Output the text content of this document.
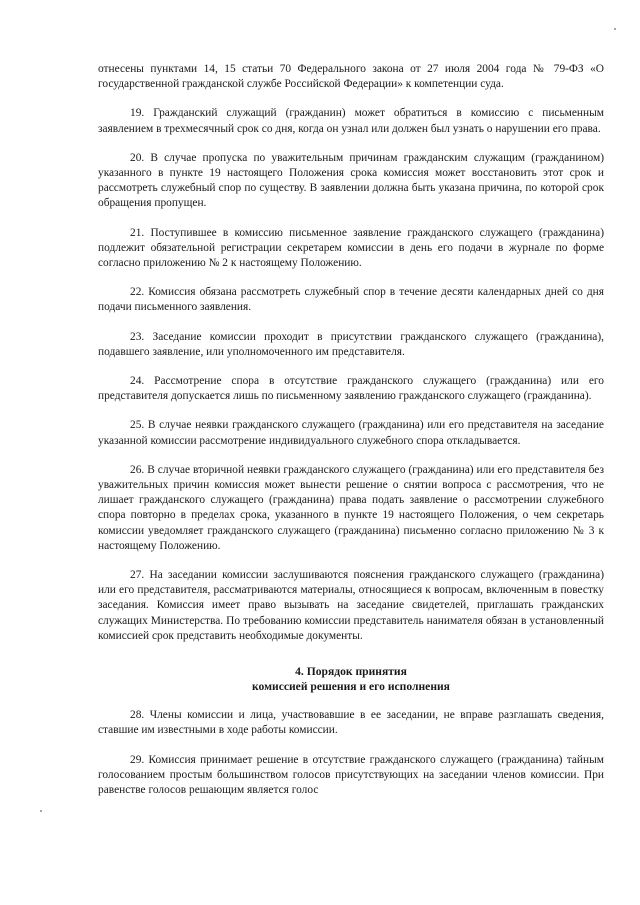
отнесены пунктами 14, 15 статьи 70 Федерального закона от 27 июля 2004 года № 79-ФЗ «О государственной гражданской службе Российской Федерации» к компетенции суда.

19. Гражданский служащий (гражданин) может обратиться в комиссию с письменным заявлением в трехмесячный срок со дня, когда он узнал или должен был узнать о нарушении его права.

20. В случае пропуска по уважительным причинам гражданским служащим (гражданином) указанного в пункте 19 настоящего Положения срока комиссия может восстановить этот срок и рассмотреть служебный спор по существу. В заявлении должна быть указана причина, по которой срок обращения пропущен.

21. Поступившее в комиссию письменное заявление гражданского служащего (гражданина) подлежит обязательной регистрации секретарем комиссии в день его подачи в журнале по форме согласно приложению № 2 к настоящему Положению.

22. Комиссия обязана рассмотреть служебный спор в течение десяти календарных дней со дня подачи письменного заявления.

23. Заседание комиссии проходит в присутствии гражданского служащего (гражданина), подавшего заявление, или уполномоченного им представителя.

24. Рассмотрение спора в отсутствие гражданского служащего (гражданина) или его представителя допускается лишь по письменному заявлению гражданского служащего (гражданина).

25. В случае неявки гражданского служащего (гражданина) или его представителя на заседание указанной комиссии рассмотрение индивидуального служебного спора откладывается.

26. В случае вторичной неявки гражданского служащего (гражданина) или его представителя без уважительных причин комиссия может вынести решение о снятии вопроса с рассмотрения, что не лишает гражданского служащего (гражданина) права подать заявление о рассмотрении служебного спора повторно в пределах срока, указанного в пункте 19 настоящего Положения, о чем секретарь комиссии уведомляет гражданского служащего (гражданина) письменно согласно приложению № 3 к настоящему Положению.

27. На заседании комиссии заслушиваются пояснения гражданского служащего (гражданина) или его представителя, рассматриваются материалы, относящиеся к вопросам, включенным в повестку заседания. Комиссия имеет право вызывать на заседание свидетелей, приглашать гражданских служащих Министерства. По требованию комиссии представитель нанимателя обязан в установленный комиссией срок представить необходимые документы.

4. Порядок принятия
комиссией решения и его исполнения

28. Члены комиссии и лица, участвовавшие в ее заседании, не вправе разглашать сведения, ставшие им известными в ходе работы комиссии.

29. Комиссия принимает решение в отсутствие гражданского служащего (гражданина) тайным голосованием простым большинством голосов присутствующих на заседании членов комиссии. При равенстве голосов решающим является голос
